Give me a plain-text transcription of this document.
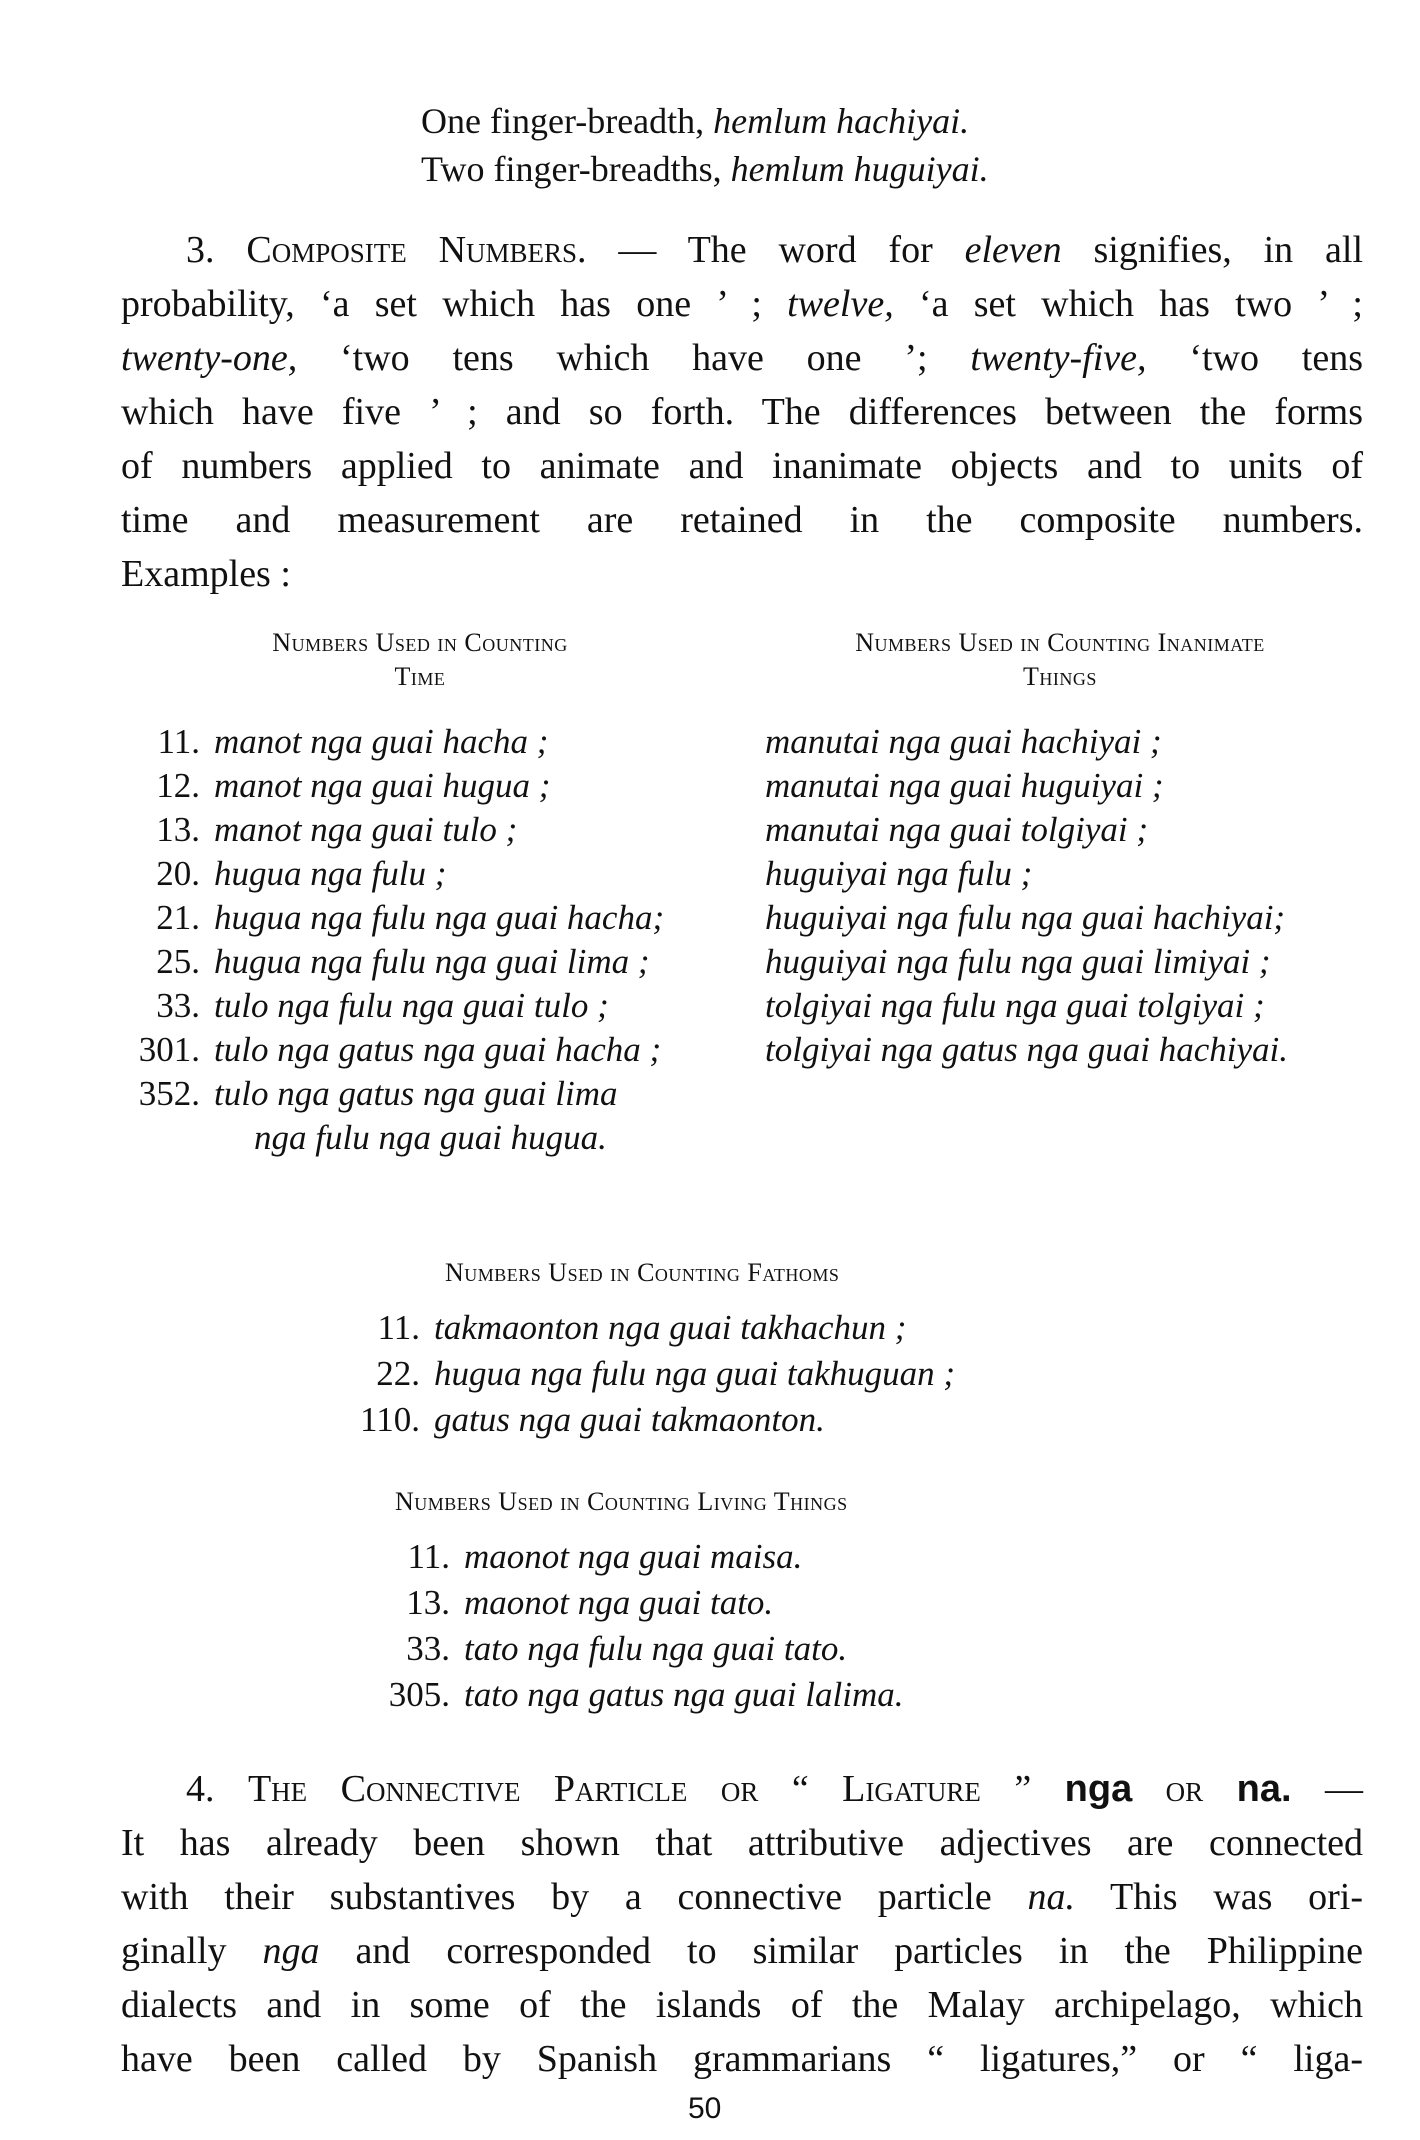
One finger-breadth, hemlum hachiyai.
Two finger-breadths, hemlum huguiyai.
3. Composite Numbers. — The word for eleven signifies, in all
probability, ‘a set which has one ’ ; twelve, ‘a set which has two ’ ;
twenty-one, ‘two tens which have one ’; twenty-five, ‘two tens
which have five ’ ; and so forth. The differences between the forms
of numbers applied to animate and inanimate objects and to units of
time and measurement are retained in the composite numbers.
Examples :
Numbers Used in Counting
Time
Numbers Used in Counting Inanimate
Things
11. manot nga guai hacha ;
12. manot nga guai hugua ;
13. manot nga guai tulo ;
20. hugua nga fulu ;
21. hugua nga fulu nga guai hacha;
25. hugua nga fulu nga guai lima ;
33. tulo nga fulu nga guai tulo ;
301. tulo nga gatus nga guai hacha ;
352. tulo nga gatus nga guai lima
nga fulu nga guai hugua.
manutai nga guai hachiyai ;
manutai nga guai huguiyai ;
manutai nga guai tolgiyai ;
huguiyai nga fulu ;
huguiyai nga fulu nga guai hachiyai;
huguiyai nga fulu nga guai limiyai ;
tolgiyai nga fulu nga guai tolgiyai ;
tolgiyai nga gatus nga guai hachiyai.
Numbers Used in Counting Fathoms
11. takmaonton nga guai takhachun ;
22. hugua nga fulu nga guai takhuguan ;
110. gatus nga guai takmaonton.
Numbers Used in Counting Living Things
11. maonot nga guai maisa.
13. maonot nga guai tato.
33. tato nga fulu nga guai tato.
305. tato nga gatus nga guai lalima.
4. The Connective Particle or “ Ligature ” nga or na. —
It has already been shown that attributive adjectives are connected
with their substantives by a connective particle na. This was ori-
ginally nga and corresponded to similar particles in the Philippine
dialects and in some of the islands of the Malay archipelago, which
have been called by Spanish grammarians “ ligatures,” or “ liga-
50
